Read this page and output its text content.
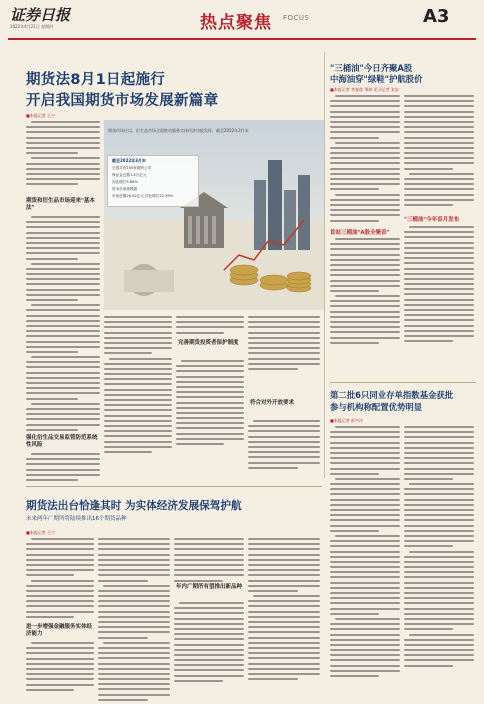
证券日报
2022年4月21日 星期四	热点聚焦 FOCUS	A3
期货法8月1日起施行
开启我国期货市场发展新篇章
■本报记者 王宁
期货和衍生品市场迎来"基本法"
强化衍生品交易监管防范系统性风险
期货市场应以、衍生品市场全面推动服务实体经济功能发挥，截至2022年3月末
截至2022年3月末
全国共有150家期货公司
保证金总额1.4万亿元
同比增长5.86%
资本市场规模超
市场总额26.52亿元 同比增长22.39%
完善期货投资者保护制度
符合对外开放要求
"三桶油"今日齐聚A股
中海油穿"绿鞋"护航股价
■本报记者 李春莲 邢萌 见习记者 张安
首站三桶油"A股全聚首"
"三桶油"今年首月发布
第二批6只同业存单指数基金获批
参与机构称配置优势明显
■本报记者 彭中洋
期货法出台恰逢其时 为实体经济发展保驾护航
未来两年广期所将陆续推出16个期货品种
■本报记者 王宁
进一步增强金融服务实体经济能力
年内广期所有望推出新品种
